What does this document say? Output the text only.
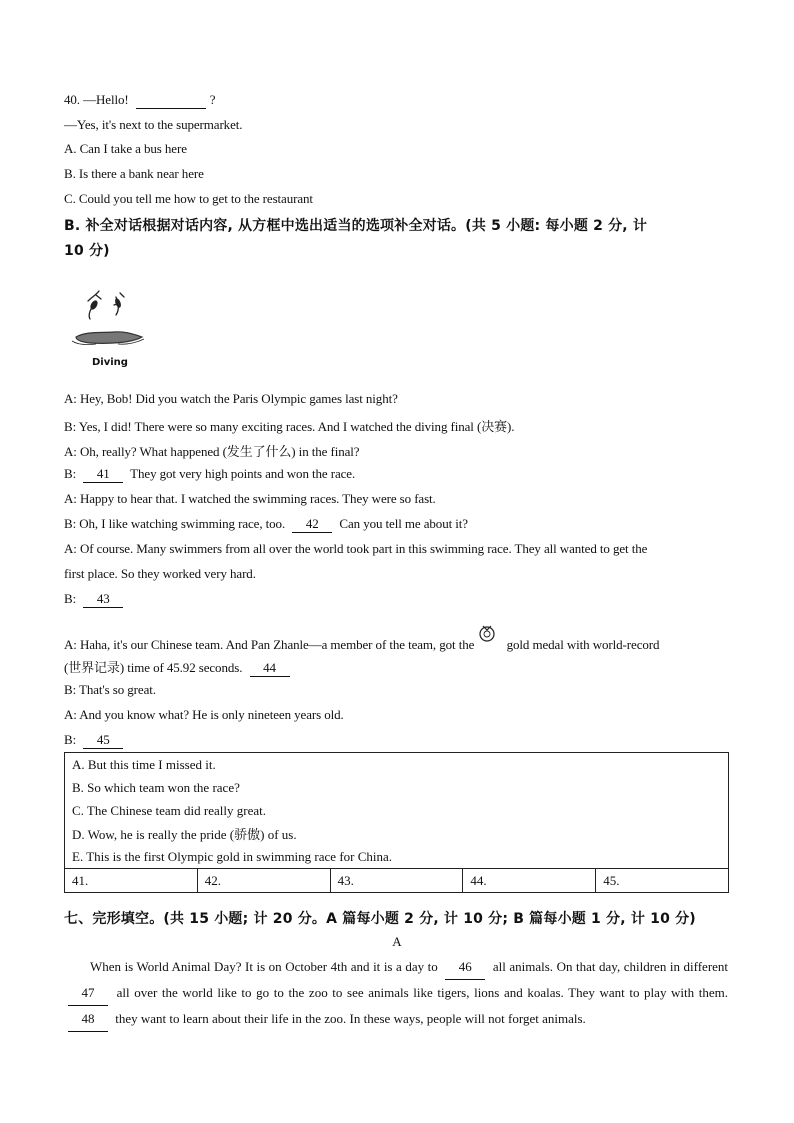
40. —Hello!	?
—Yes, it's next to the supermarket.
A. Can I take a bus here
B. Is there a bank near here
C. Could you tell me how to get to the restaurant
B. 补全对话根据对话内容, 从方框中选出适当的选项补全对话。(共 5 小题: 每小题 2 分, 计
10 分)
Diving
A: Hey, Bob! Did you watch the Paris Olympic games last night?
B: Yes, I did! There were so many exciting races. And I watched the diving final (决赛).
A: Oh, really? What happened (发生了什么) in the final?
B: 41 They got very high points and won the race.
A: Happy to hear that. I watched the swimming races. They were so fast.
B: Oh, I like watching swimming race, too. 42 Can you tell me about it?
A: Of course. Many swimmers from all over the world took part in this swimming race. They all wanted to get the
first place. So they worked very hard.
B: 43
A: Haha, it's our Chinese team. And Pan Zhanle—a member of the team, got the gold medal with world-record
(世界记录) time of 45.92 seconds. 44
B: That's so great.
A: And you know what? He is only nineteen years old.
B: 45
A. But this time I missed it.
B. So which team won the race?
C. The Chinese team did really great.
D. Wow, he is really the pride (骄傲) of us.
E. This is the first Olympic gold in swimming race for China.
41.	42.	43.	44.	45.
七、完形填空。(共 15 小题; 计 20 分。A 篇每小题 2 分, 计 10 分; B 篇每小题 1 分, 计 10 分)
A
When is World Animal Day? It is on October 4th and it is a day to 46 all animals. On that day, children in different 47 all over the world like to go to the zoo to see animals like tigers, lions and koalas. They want to play with them. 48 they want to learn about their life in the zoo. In these ways, people will not forget animals.
